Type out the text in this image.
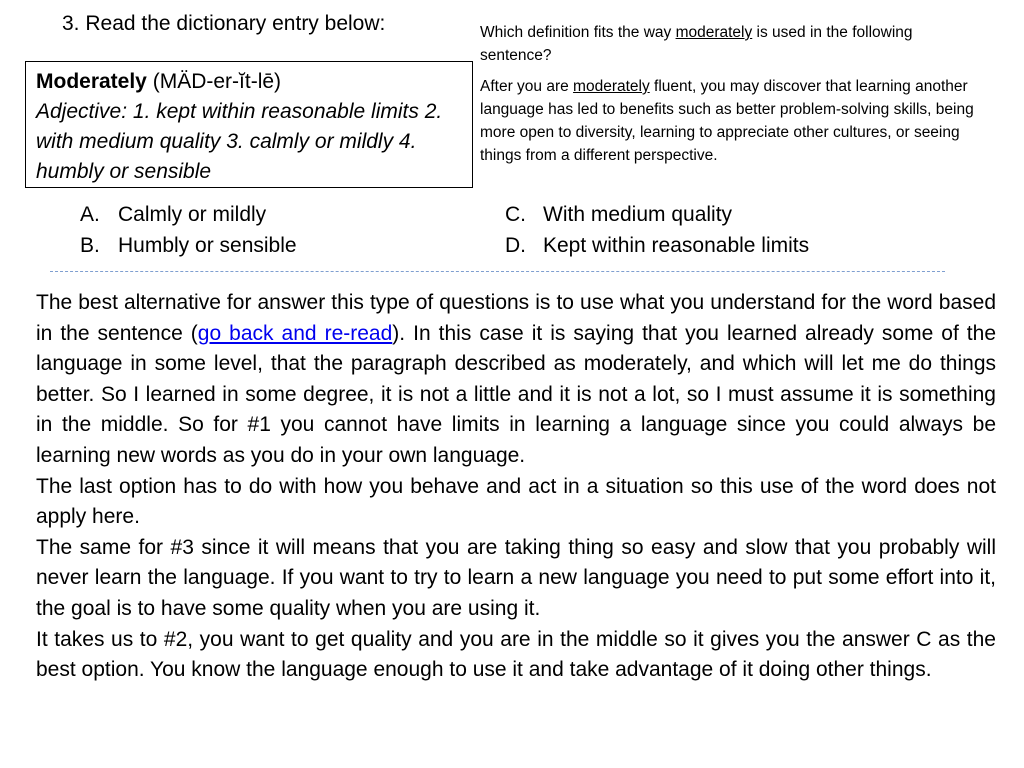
3. Read the dictionary entry below:
Moderately (MÄD-er-ĭt-lē)
Adjective: 1. kept within reasonable limits 2. with medium quality 3. calmly or mildly 4. humbly or sensible

Which definition fits the way moderately is used in the following sentence?

After you are moderately fluent, you may discover that learning another language has led to benefits such as better problem-solving skills, being more open to diversity, learning to appreciate other cultures, or seeing things from a different perspective.

A. Calmly or mildly
B. Humbly or sensible
C. With medium quality
D. Kept within reasonable limits

The best alternative for answer this type of questions is to use what you understand for the word based in the sentence (go back and re-read). In this case it is saying that you learned already some of the language in some level, that the paragraph described as moderately, and which will let me do things better. So I learned in some degree, it is not a little and it is not a lot, so I must assume it is something in the middle. So for #1 you cannot have limits in learning a language since you could always be learning new words as you do in your own language.

The last option has to do with how you behave and act in a situation so this use of the word does not apply here.

The same for #3 since it will means that you are taking thing so easy and slow that you probably will never learn the language. If you want to try to learn a new language you need to put some effort into it, the goal is to have some quality when you are using it.

It takes us to #2, you want to get quality and you are in the middle so it gives you the answer C as the best option. You know the language enough to use it and take advantage of it doing other things.
